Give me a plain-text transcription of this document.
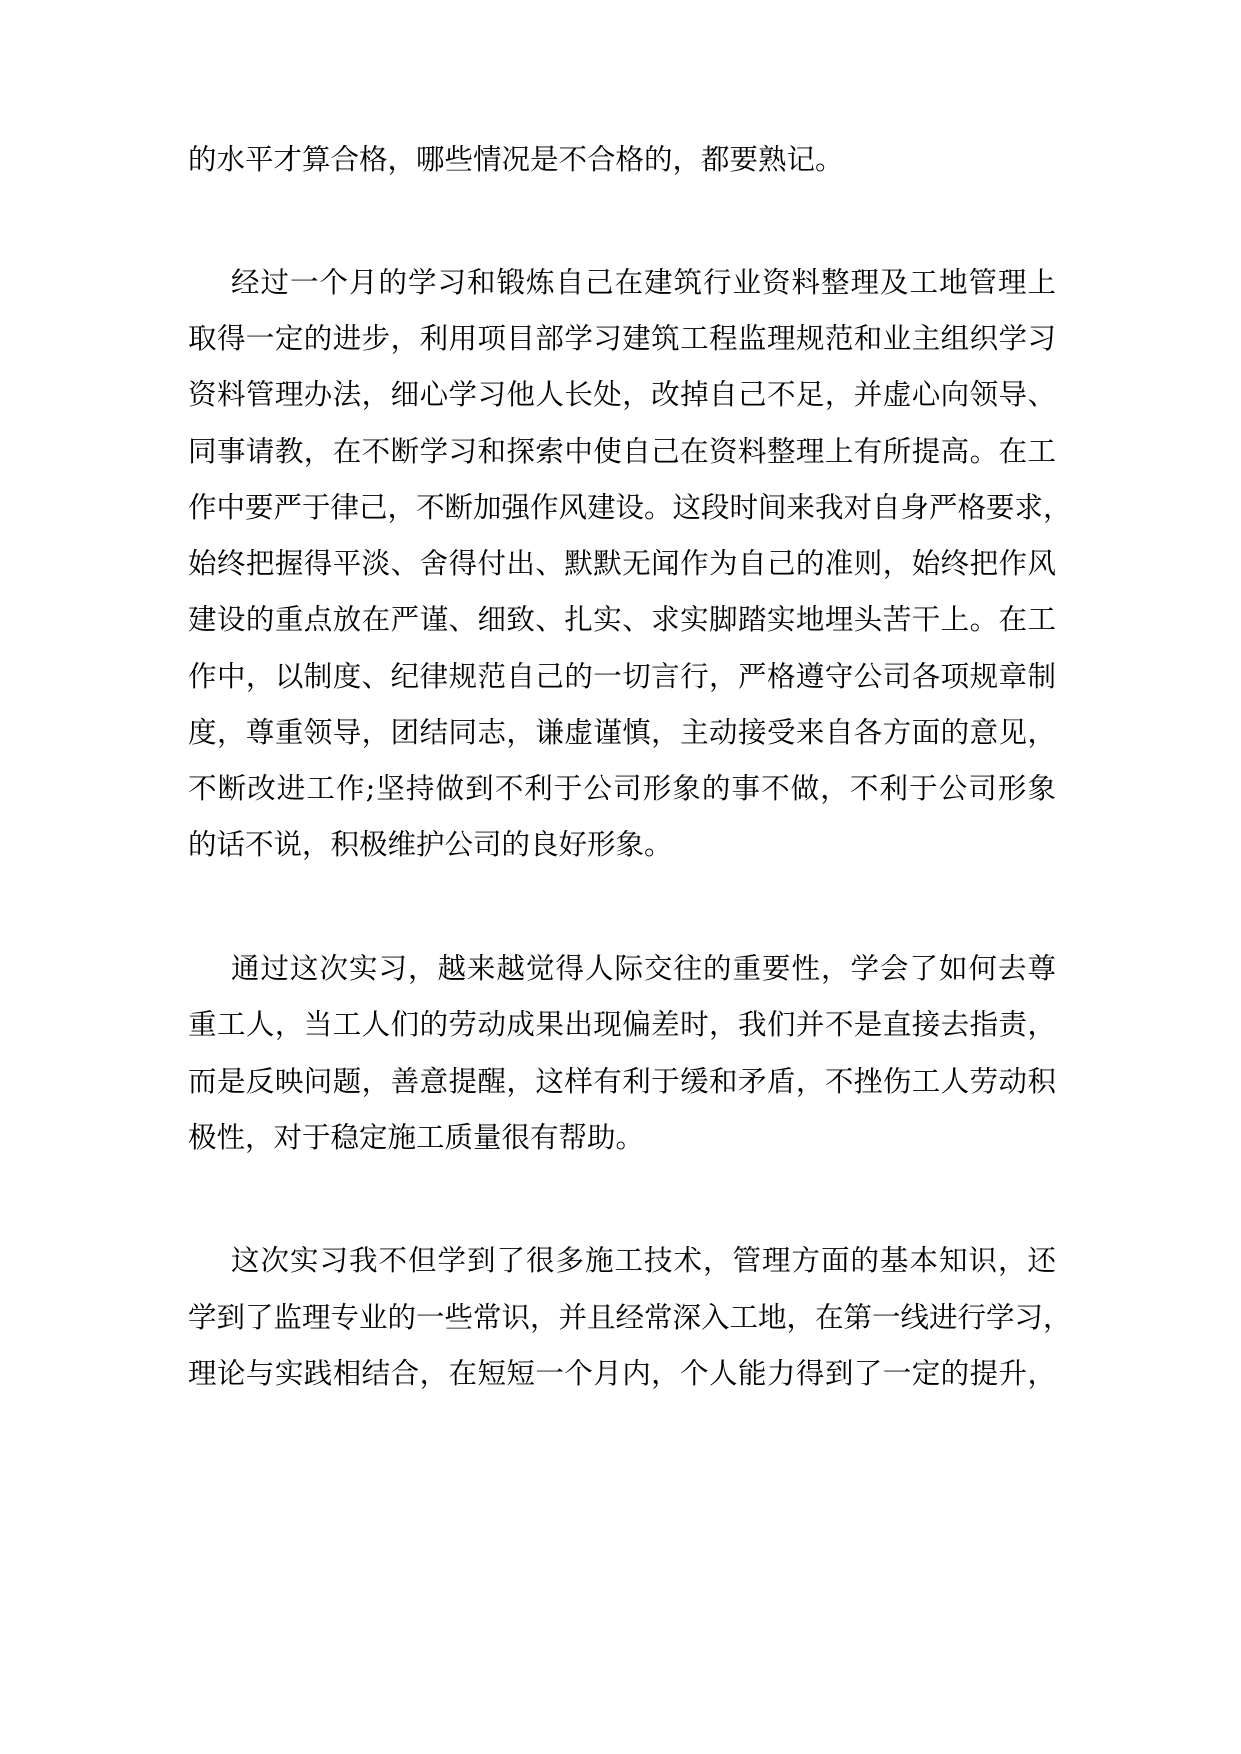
的水平才算合格，哪些情况是不合格的，都要熟记。
经过一个月的学习和锻炼自己在建筑行业资料整理及工地管理上
取得一定的进步，利用项目部学习建筑工程监理规范和业主组织学习
资料管理办法，细心学习他人长处，改掉自己不足，并虚心向领导、
同事请教，在不断学习和探索中使自己在资料整理上有所提高。在工
作中要严于律己，不断加强作风建设。这段时间来我对自身严格要求，
始终把握得平淡、舍得付出、默默无闻作为自己的准则，始终把作风
建设的重点放在严谨、细致、扎实、求实脚踏实地埋头苦干上。在工
作中，以制度、纪律规范自己的一切言行，严格遵守公司各项规章制
度，尊重领导，团结同志，谦虚谨慎，主动接受来自各方面的意见，
不断改进工作;坚持做到不利于公司形象的事不做，不利于公司形象
的话不说，积极维护公司的良好形象。
通过这次实习，越来越觉得人际交往的重要性，学会了如何去尊
重工人，当工人们的劳动成果出现偏差时，我们并不是直接去指责，
而是反映问题，善意提醒，这样有利于缓和矛盾，不挫伤工人劳动积
极性，对于稳定施工质量很有帮助。
这次实习我不但学到了很多施工技术，管理方面的基本知识，还
学到了监理专业的一些常识，并且经常深入工地，在第一线进行学习，
理论与实践相结合，在短短一个月内，个人能力得到了一定的提升，
